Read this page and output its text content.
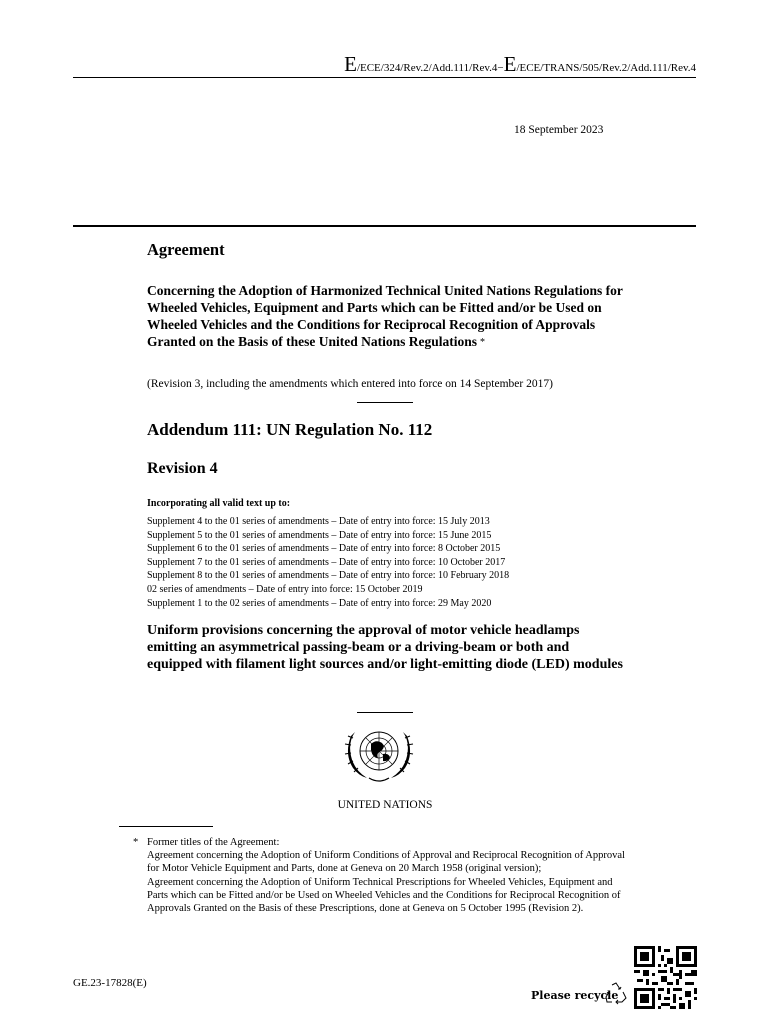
E/ECE/324/Rev.2/Add.111/Rev.4−E/ECE/TRANS/505/Rev.2/Add.111/Rev.4
18 September 2023
Agreement
Concerning the Adoption of Harmonized Technical United Nations Regulations for Wheeled Vehicles, Equipment and Parts which can be Fitted and/or be Used on Wheeled Vehicles and the Conditions for Reciprocal Recognition of Approvals Granted on the Basis of these United Nations Regulations *
(Revision 3, including the amendments which entered into force on 14 September 2017)
Addendum 111: UN Regulation No. 112
Revision 4
Incorporating all valid text up to:
Supplement 4 to the 01 series of amendments – Date of entry into force: 15 July 2013
Supplement 5 to the 01 series of amendments – Date of entry into force: 15 June 2015
Supplement 6 to the 01 series of amendments – Date of entry into force: 8 October 2015
Supplement 7 to the 01 series of amendments – Date of entry into force: 10 October 2017
Supplement 8 to the 01 series of amendments – Date of entry into force: 10 February 2018
02 series of amendments – Date of entry into force: 15 October 2019
Supplement 1 to the 02 series of amendments – Date of entry into force: 29 May 2020
Uniform provisions concerning the approval of motor vehicle headlamps emitting an asymmetrical passing-beam or a driving-beam or both and equipped with filament light sources and/or light-emitting diode (LED) modules
UNITED NATIONS
* Former titles of the Agreement:
Agreement concerning the Adoption of Uniform Conditions of Approval and Reciprocal Recognition of Approval for Motor Vehicle Equipment and Parts, done at Geneva on 20 March 1958 (original version);
Agreement concerning the Adoption of Uniform Technical Prescriptions for Wheeled Vehicles, Equipment and Parts which can be Fitted and/or be Used on Wheeled Vehicles and the Conditions for Reciprocal Recognition of Approvals Granted on the Basis of these Prescriptions, done at Geneva on 5 October 1995 (Revision 2).
GE.23-17828(E)
Please recycle
